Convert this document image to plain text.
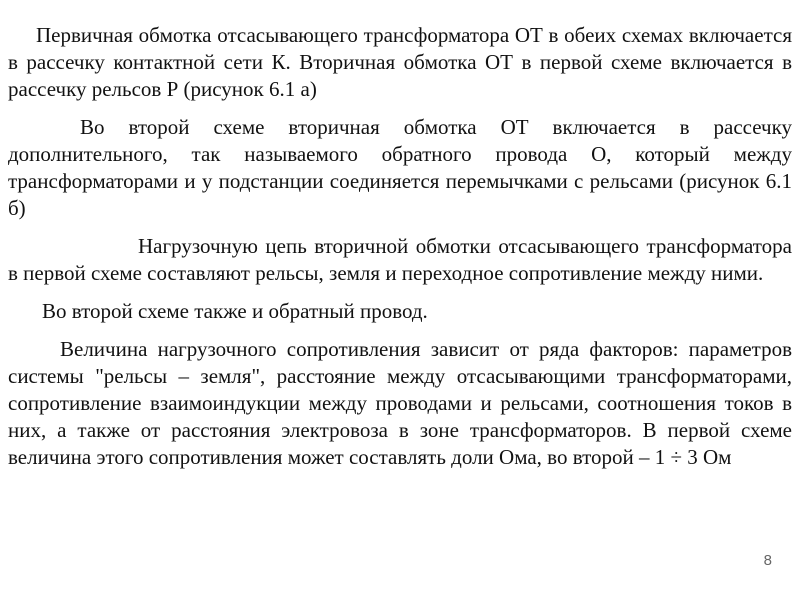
Первичная обмотка отсасывающего трансформатора ОТ в обеих схемах включается в рассечку контактной сети К. Вторичная обмотка ОТ в первой схеме включается в рассечку рельсов Р (рисунок 6.1 а)

Во второй схеме вторичная обмотка ОТ включается в рассечку дополнительного, так называемого обратного провода О, который между трансформаторами и у подстанции соединяется перемычками с рельсами (рисунок 6.1 б)

Нагрузочную цепь вторичной обмотки отсасывающего трансформатора в первой схеме составляют рельсы, земля и переходное сопротивление между ними.

Во второй схеме также и обратный провод.

Величина нагрузочного сопротивления зависит от ряда факторов: параметров системы "рельсы – земля", расстояние между отсасывающими трансформаторами, сопротивление взаимоиндукции между проводами и рельсами, соотношения токов в них, а также от расстояния электровоза в зоне трансформаторов. В первой схеме величина этого сопротивления может составлять доли Ома, во второй – 1 ÷ 3 Ом

8
